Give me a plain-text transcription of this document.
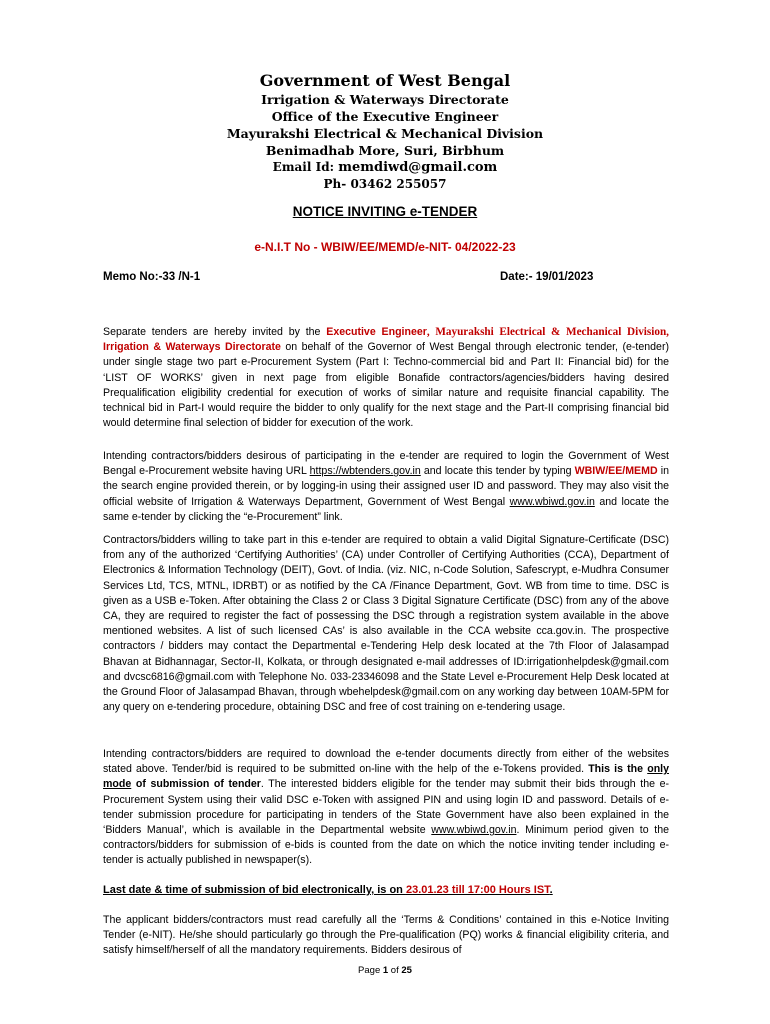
Government of West Bengal
Irrigation & Waterways Directorate
Office of the Executive Engineer
Mayurakshi Electrical & Mechanical Division
Benimadhab More, Suri, Birbhum
Email Id: memdiwd@gmail.com
Ph- 03462 255057
NOTICE INVITING e-TENDER
e-N.I.T No - WBIW/EE/MEMD/e-NIT- 04/2022-23
Memo No:-33 /N-1	Date:- 19/01/2023
Separate tenders are hereby invited by the Executive Engineer, Mayurakshi Electrical & Mechanical Division, Irrigation & Waterways Directorate on behalf of the Governor of West Bengal through electronic tender, (e-tender) under single stage two part e-Procurement System (Part I: Techno-commercial bid and Part II: Financial bid) for the ‘LIST OF WORKS’ given in next page from eligible Bonafide contractors/agencies/bidders having desired Prequalification eligibility credential for execution of works of similar nature and requisite financial capability. The technical bid in Part-I would require the bidder to only qualify for the next stage and the Part-II comprising financial bid would determine final selection of bidder for execution of the work.
Intending contractors/bidders desirous of participating in the e-tender are required to login the Government of West Bengal e-Procurement website having URL https://wbtenders.gov.in and locate this tender by typing WBIW/EE/MEMD in the search engine provided therein, or by logging-in using their assigned user ID and password. They may also visit the official website of Irrigation & Waterways Department, Government of West Bengal www.wbiwd.gov.in and locate the same e-tender by clicking the “e-Procurement” link.
Contractors/bidders willing to take part in this e-tender are required to obtain a valid Digital Signature-Certificate (DSC) from any of the authorized ‘Certifying Authorities’ (CA) under Controller of Certifying Authorities (CCA), Department of Electronics & Information Technology (DEIT), Govt. of India. (viz. NIC, n-Code Solution, Safescrypt, e-Mudhra Consumer Services Ltd, TCS, MTNL, IDRBT) or as notified by the CA /Finance Department, Govt. WB from time to time. DSC is given as a USB e-Token. After obtaining the Class 2 or Class 3 Digital Signature Certificate (DSC) from any of the above CA, they are required to register the fact of possessing the DSC through a registration system available in the above mentioned websites. A list of such licensed CAs’ is also available in the CCA website cca.gov.in. The prospective contractors / bidders may contact the Departmental e-Tendering Help desk located at the 7th Floor of Jalasampad Bhavan at Bidhannagar, Sector-II, Kolkata, or through designated e-mail addresses of ID:irrigationhelpdesk@gmail.com and dvcsc6816@gmail.com with Telephone No. 033-23346098 and the State Level e-Procurement Help Desk located at the Ground Floor of Jalasampad Bhavan, through wbehelpdesk@gmail.com on any working day between 10AM-5PM for any query on e-tendering procedure, obtaining DSC and free of cost training on e-tendering usage.
Intending contractors/bidders are required to download the e-tender documents directly from either of the websites stated above. Tender/bid is required to be submitted on-line with the help of the e-Tokens provided. This is the only mode of submission of tender. The interested bidders eligible for the tender may submit their bids through the e-Procurement System using their valid DSC e-Token with assigned PIN and using login ID and password. Details of e-tender submission procedure for participating in tenders of the State Government have also been explained in the ‘Bidders Manual’, which is available in the Departmental website www.wbiwd.gov.in. Minimum period given to the contractors/bidders for submission of e-bids is counted from the date on which the notice inviting tender including e-tender is actually published in newspaper(s).
Last date & time of submission of bid electronically, is on 23.01.23 till 17:00 Hours IST.
The applicant bidders/contractors must read carefully all the ‘Terms & Conditions’ contained in this e-Notice Inviting Tender (e-NIT). He/she should particularly go through the Pre-qualification (PQ) works & financial eligibility criteria, and satisfy himself/herself of all the mandatory requirements. Bidders desirous of
Page 1 of 25
